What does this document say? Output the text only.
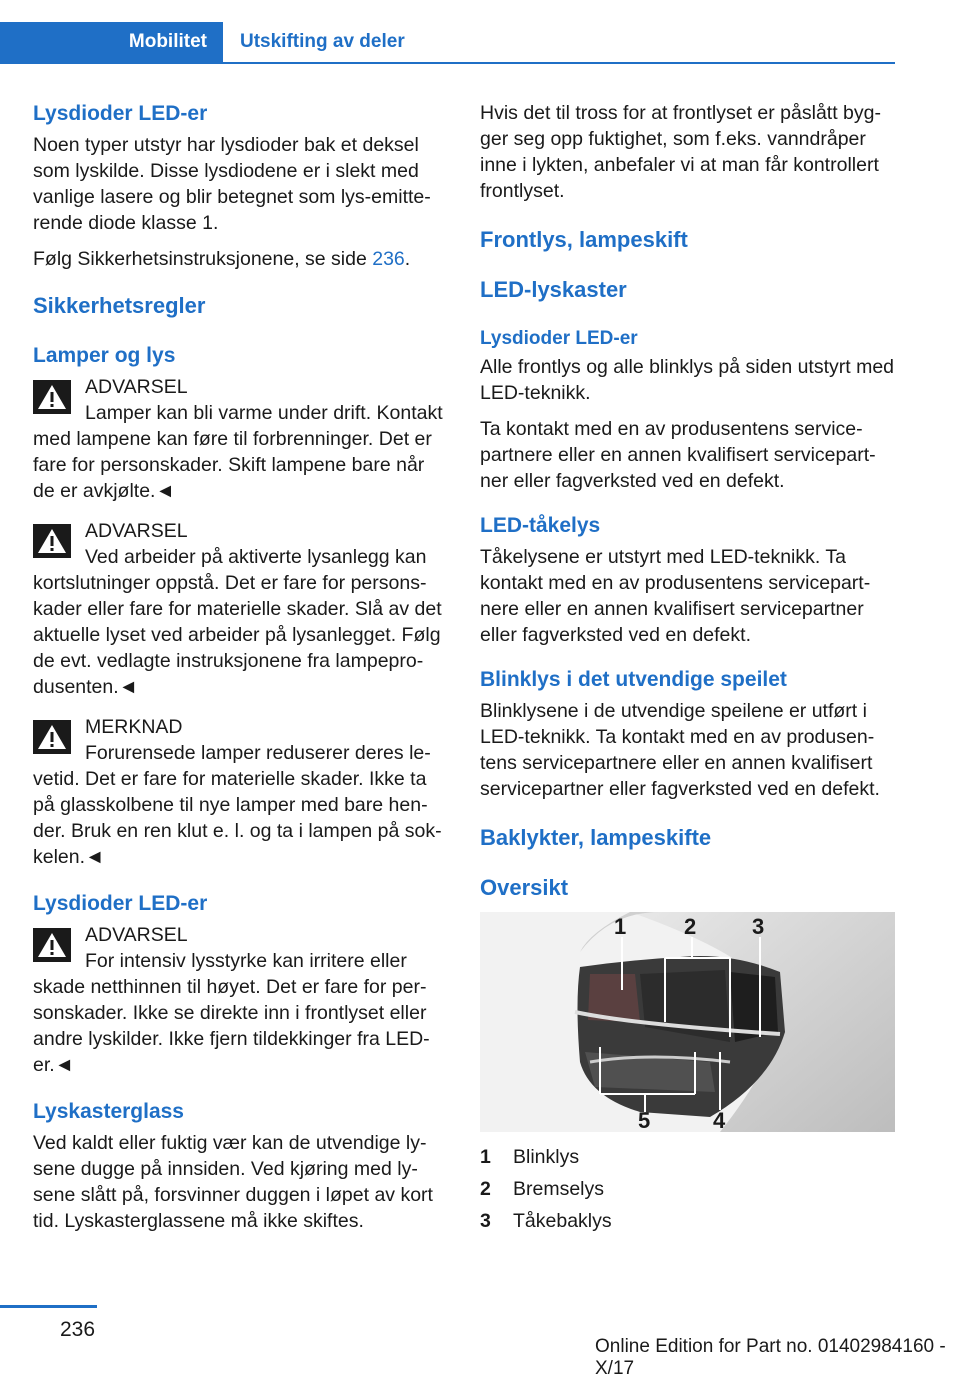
Mobilitet	Utskifting av deler
Lysdioder LED-er

Noen typer utstyr har lysdioder bak et deksel som lyskilde. Disse lysdiodene er i slekt med vanlige lasere og blir betegnet som lys-emitterende diode klasse 1.

Følg Sikkerhetsinstruksjonene, se side 236.

Sikkerhetsregler
Lamper og lys
ADVARSEL
Lamper kan bli varme under drift. Kontakt med lampene kan føre til forbrenninger. Det er fare for personskader. Skift lampene bare når de er avkjølte.◄
ADVARSEL
Ved arbeider på aktiverte lysanlegg kan kortslutninger oppstå. Det er fare for personskader eller fare for materielle skader. Slå av det aktuelle lyset ved arbeider på lysanlegget. Følg de evt. vedlagte instruksjonene fra lampeprodusenten.◄
MERKNAD
Forurensede lamper reduserer deres levetid. Det er fare for materielle skader. Ikke ta på glasskolbene til nye lamper med bare hender. Bruk en ren klut e. l. og ta i lampen på sokkelen.◄
Lysdioder LED-er
ADVARSEL
For intensiv lysstyrke kan irritere eller skade netthinnen til høyet. Det er fare for personskader. Ikke se direkte inn i frontlyset eller andre lyskilder. Ikke fjern tildekkinger fra LED-er.◄
Lyskasterglass

Ved kaldt eller fuktig vær kan de utvendige lysene dugge på innsiden. Ved kjøring med lysene slått på, forsvinner duggen i løpet av kort tid. Lyskasterglassene må ikke skiftes.

Hvis det til tross for at frontlyset er påslått bygger seg opp fuktighet, som f.eks. vanndråper inne i lykten, anbefaler vi at man får kontrollert frontlyset.

Frontlys, lampeskift
LED-lyskaster
Lysdioder LED-er

Alle frontlys og alle blinklys på siden utstyrt med LED-teknikk.

Ta kontakt med en av produsentens servicepartnere eller en annen kvalifisert servicepartner eller fagverksted ved en defekt.

LED-tåkelys

Tåkelysene er utstyrt med LED-teknikk. Ta kontakt med en av produsentens servicepartnere eller en annen kvalifisert servicepartner eller fagverksted ved en defekt.

Blinklys i det utvendige speilet

Blinklysene i de utvendige speilene er utført i LED-teknikk. Ta kontakt med en av produsentens servicepartnere eller en annen kvalifisert servicepartner eller fagverksted ved en defekt.

Baklykter, lampeskifte
Oversikt
1	2	3
4
5
1	Blinklys
2	Bremselys
3	Tåkebaklys
236
Online Edition for Part no. 01402984160 - X/17
